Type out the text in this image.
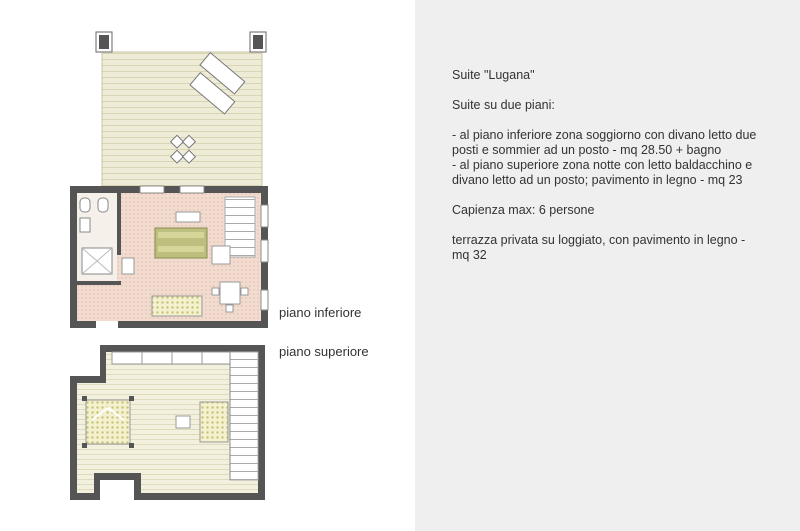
piano inferiore
piano superiore

Suite "Lugana"

Suite su due piani:

- al piano inferiore zona soggiorno con divano letto due posti e sommier ad un posto - mq 28.50 + bagno
- al piano superiore zona notte con letto baldacchino e divano letto ad un posto; pavimento in legno - mq 23

Capienza max: 6 persone

terrazza privata su loggiato, con pavimento in legno - mq 32
